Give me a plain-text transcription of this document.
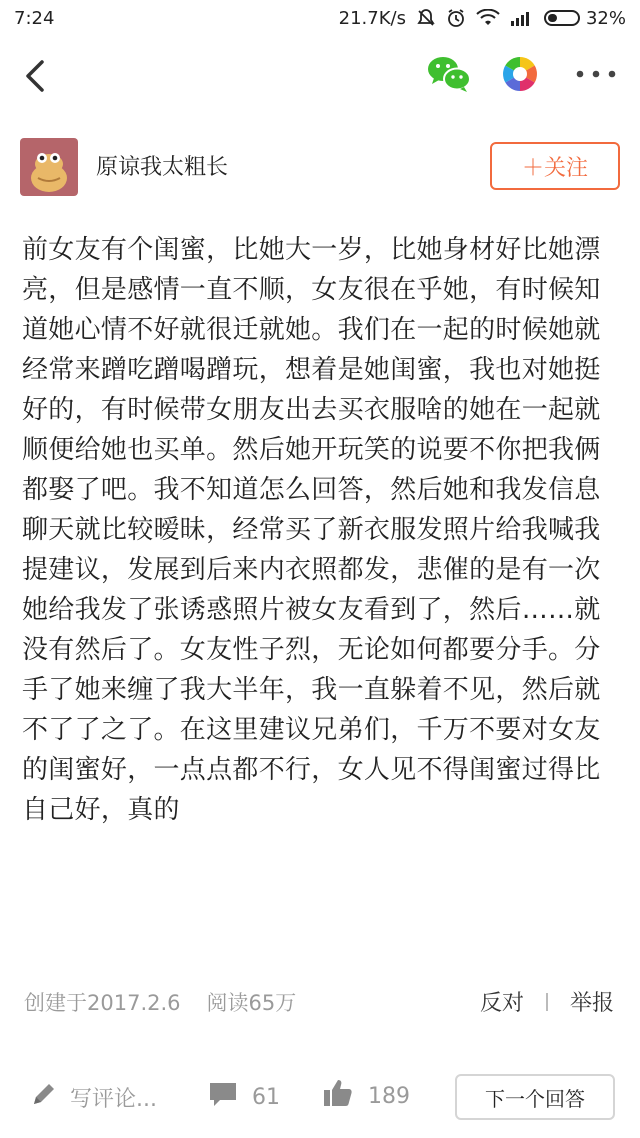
7:24	21.7K/s	32%
原谅我太粗长	＋关注
前女友有个闺蜜，比她大一岁，比她身材好比她漂亮，但是感情一直不顺，女友很在乎她，有时候知道她心情不好就很迁就她。我们在一起的时候她就经常来蹭吃蹭喝蹭玩，想着是她闺蜜，我也对她挺好的，有时候带女朋友出去买衣服啥的她在一起就顺便给她也买单。然后她开玩笑的说要不你把我俩都娶了吧。我不知道怎么回答，然后她和我发信息聊天就比较暧昧，经常买了新衣服发照片给我喊我提建议，发展到后来内衣照都发，悲催的是有一次她给我发了张诱惑照片被女友看到了，然后……就没有然后了。女友性子烈，无论如何都要分手。分手了她来缠了我大半年，我一直躲着不见，然后就不了了之了。在这里建议兄弟们，千万不要对女友的闺蜜好，一点点都不行，女人见不得闺蜜过得比自己好，真的
创建于2017.2.6 阅读65万	反对 举报
写评论...	61	189	下一个回答
